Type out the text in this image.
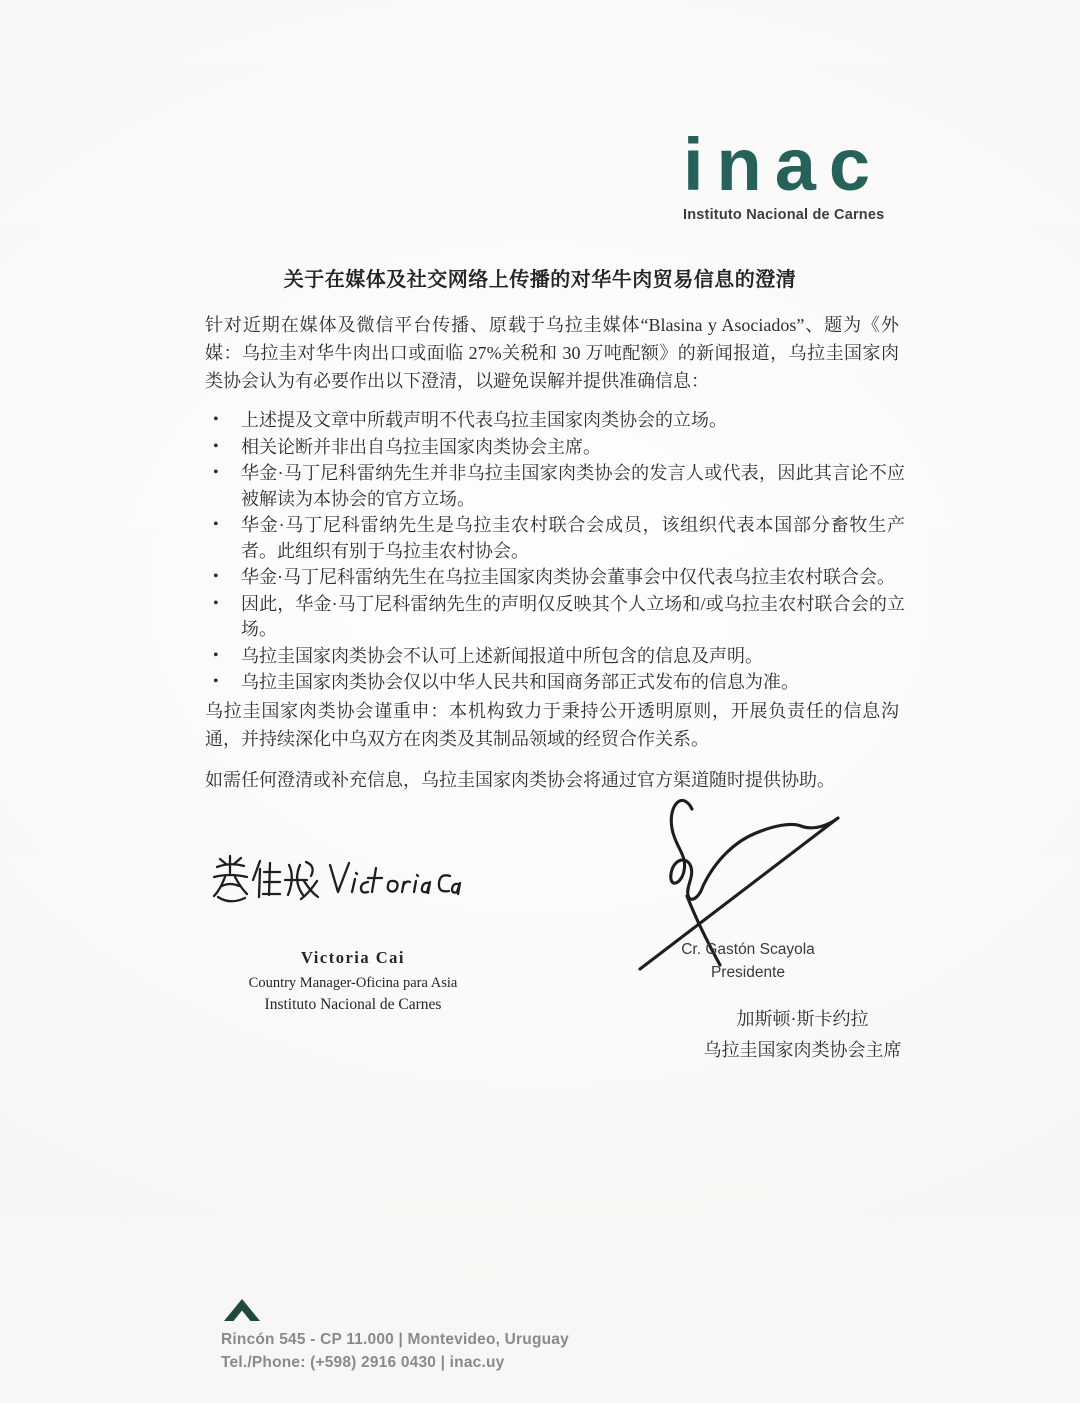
inac
Instituto Nacional de Carnes
关于在媒体及社交网络上传播的对华牛肉贸易信息的澄清
针对近期在媒体及微信平台传播、原载于乌拉圭媒体“Blasina y Asociados”、题为《外媒：乌拉圭对华牛肉出口或面临 27%关税和 30 万吨配额》的新闻报道，乌拉圭国家肉类协会认为有必要作出以下澄清，以避免误解并提供准确信息：
• 上述提及文章中所载声明不代表乌拉圭国家肉类协会的立场。
• 相关论断并非出自乌拉圭国家肉类协会主席。
• 华金·马丁尼科雷纳先生并非乌拉圭国家肉类协会的发言人或代表，因此其言论不应被解读为本协会的官方立场。
• 华金·马丁尼科雷纳先生是乌拉圭农村联合会成员，该组织代表本国部分畜牧生产者。此组织有别于乌拉圭农村协会。
• 华金·马丁尼科雷纳先生在乌拉圭国家肉类协会董事会中仅代表乌拉圭农村联合会。
• 因此，华金·马丁尼科雷纳先生的声明仅反映其个人立场和/或乌拉圭农村联合会的立场。
• 乌拉圭国家肉类协会不认可上述新闻报道中所包含的信息及声明。
• 乌拉圭国家肉类协会仅以中华人民共和国商务部正式发布的信息为准。
乌拉圭国家肉类协会谨重申：本机构致力于秉持公开透明原则，开展负责任的信息沟通，并持续深化中乌双方在肉类及其制品领域的经贸合作关系。
如需任何澄清或补充信息，乌拉圭国家肉类协会将通过官方渠道随时提供协助。
Victoria Cai
Country Manager-Oficina para Asia
Instituto Nacional de Carnes
Cr. Gastón Scayola
Presidente
加斯顿·斯卡约拉
乌拉圭国家肉类协会主席
Rincón 545 - CP 11.000 | Montevideo, Uruguay
Tel./Phone: (+598) 2916 0430 | inac.uy
